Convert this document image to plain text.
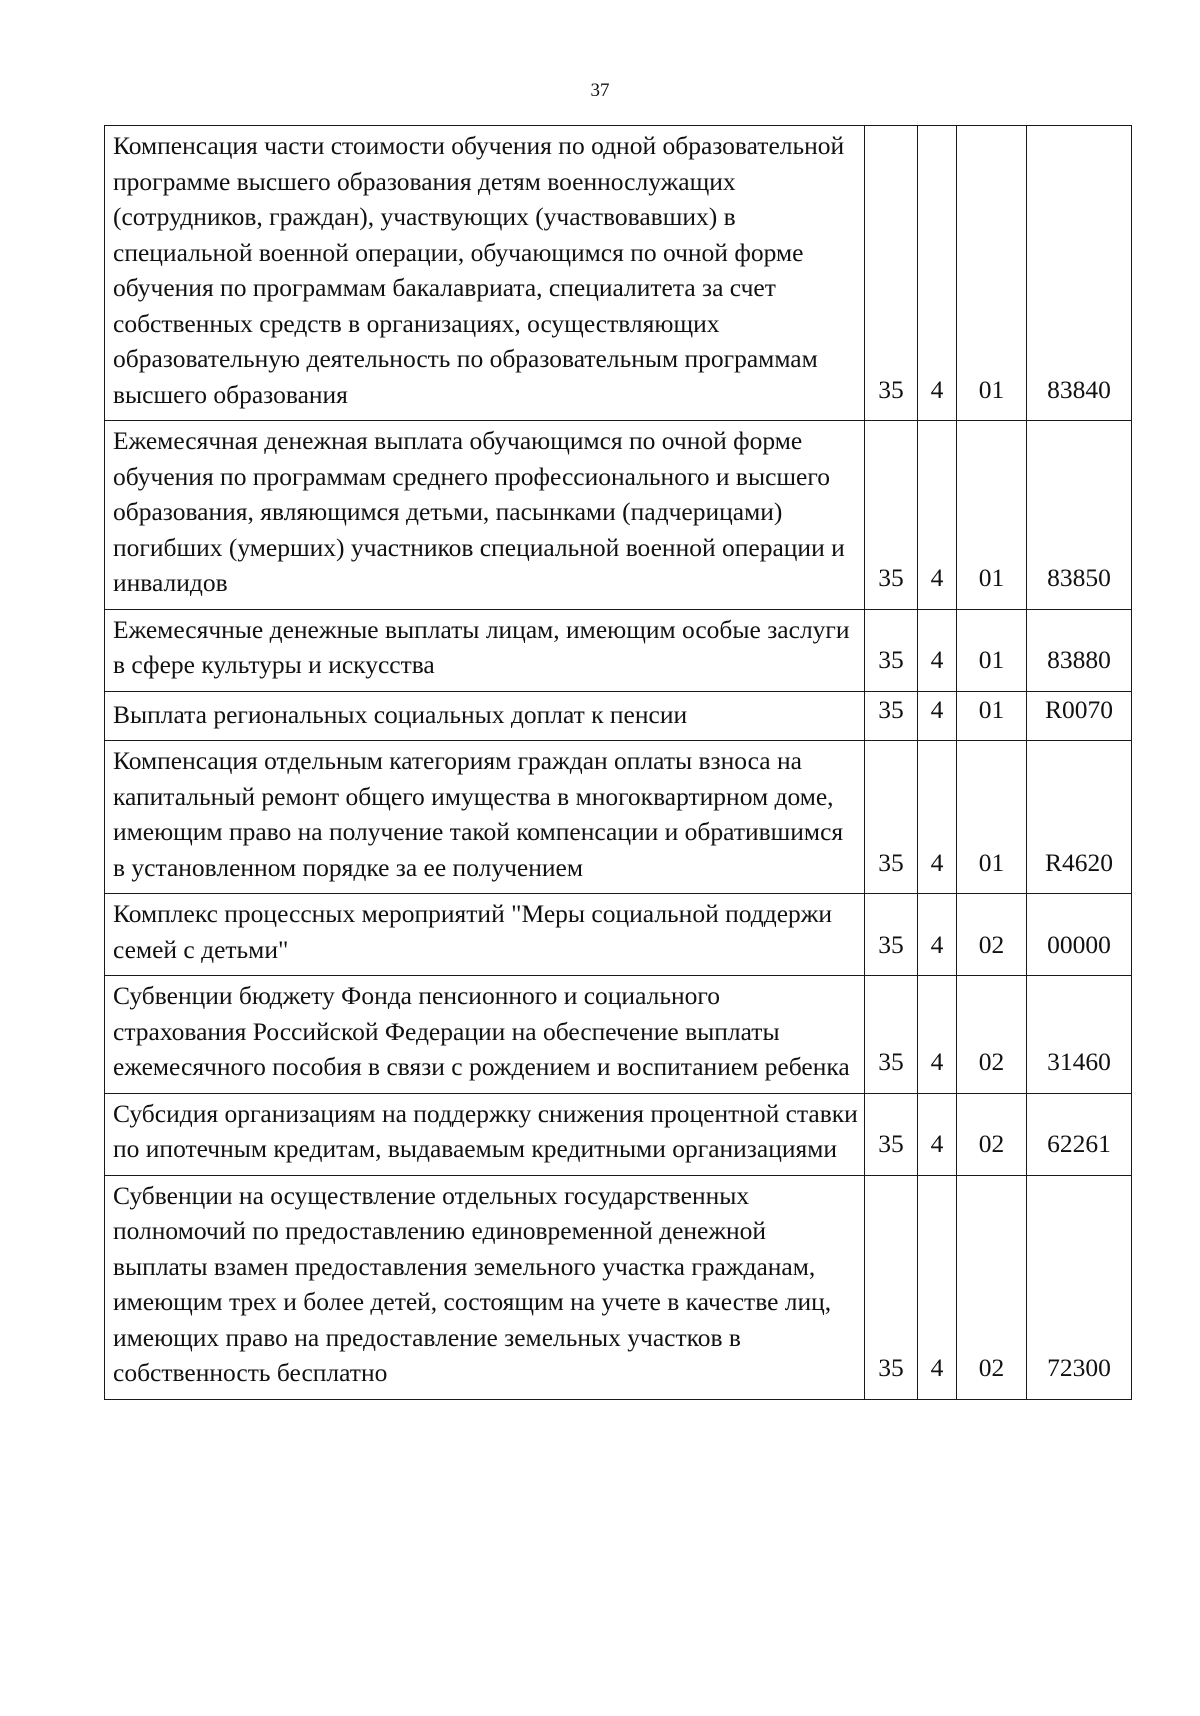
37
Компенсация части стоимости обучения по одной образовательной программе высшего образования детям военнослужащих (сотрудников, граждан), участвующих (участвовавших) в специальной военной операции, обучающимся по очной форме обучения по программам бакалавриата, специалитета за счет собственных средств в организациях, осуществляющих образовательную деятельность по образовательным программам высшего образования	35	4	01	83840
Ежемесячная денежная выплата обучающимся по очной форме обучения по программам среднего профессионального и высшего образования, являющимся детьми, пасынками (падчерицами) погибших (умерших) участников специальной военной операции и инвалидов	35	4	01	83850
Ежемесячные денежные выплаты лицам, имеющим особые заслуги в сфере культуры и искусства	35	4	01	83880
Выплата региональных социальных доплат к пенсии	35	4	01	R0070
Компенсация отдельным категориям граждан оплаты взноса на капитальный ремонт общего имущества в многоквартирном доме, имеющим право на получение такой компенсации и обратившимся в установленном порядке за ее получением	35	4	01	R4620
Комплекс процессных мероприятий "Меры социальной поддержи семей с детьми"	35	4	02	00000
Субвенции бюджету Фонда пенсионного и социального страхования Российской Федерации на обеспечение выплаты ежемесячного пособия в связи с рождением и воспитанием ребенка	35	4	02	31460
Субсидия организациям на поддержку снижения процентной ставки по ипотечным кредитам, выдаваемым кредитными организациями	35	4	02	62261
Субвенции на осуществление отдельных государственных полномочий по предоставлению единовременной денежной выплаты взамен предоставления земельного участка гражданам, имеющим трех и более детей, состоящим на учете в качестве лиц, имеющих право на предоставление земельных участков в собственность бесплатно	35	4	02	72300
